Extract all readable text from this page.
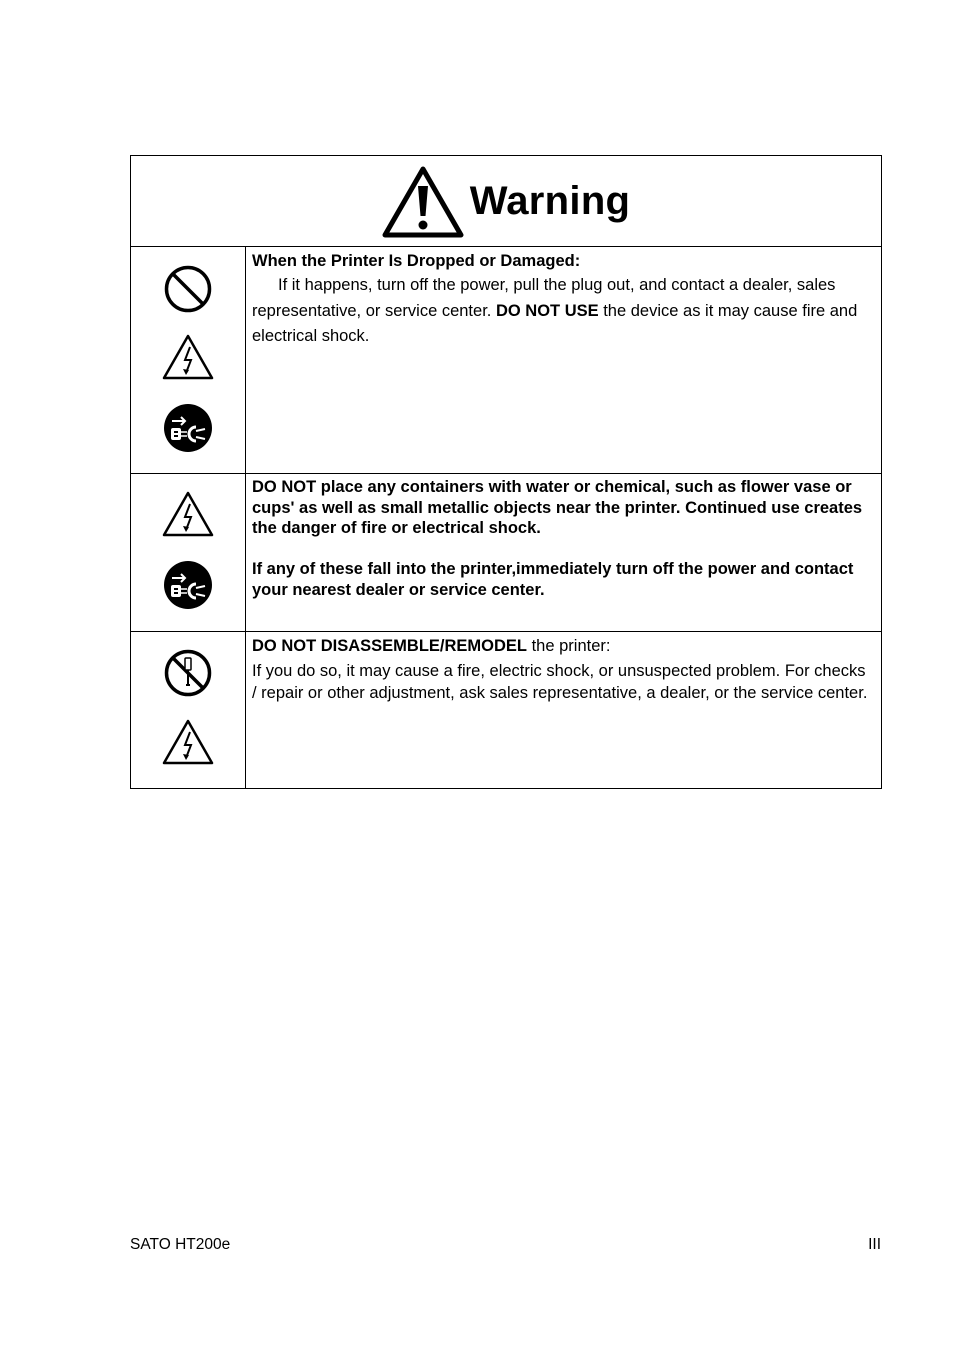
Warning	

When the Printer Is Dropped or Damaged:

If it happens, turn off the power, pull the plug out, and contact a dealer, sales representative, or service center. DO NOT USE the device as it may cause fire and electrical shock.

DO NOT place any containers with water or chemical, such as flower vase or cups' as well as small metallic objects near the printer. Continued use creates the danger of fire or electrical shock.

If any of these fall into the printer,immediately turn off the power and contact your nearest dealer or service center.

DO NOT DISASSEMBLE/REMODEL the printer:

If you do so, it may cause a fire, electric shock, or unsuspected problem. For checks / repair or other adjustment, ask sales representative, a dealer, or the service center.

SATO HT200e	III
